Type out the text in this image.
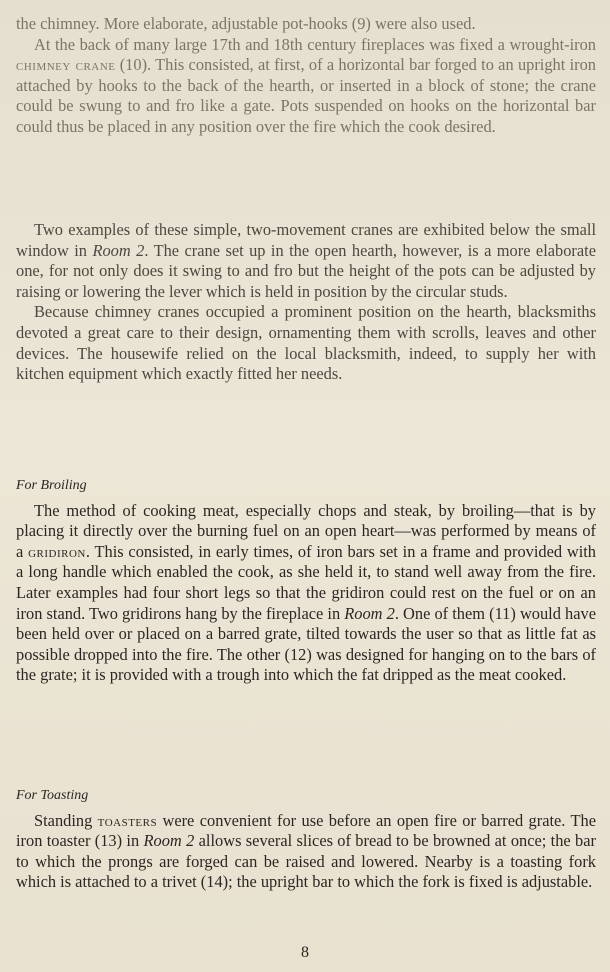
the chimney. More elaborate, adjustable pot-hooks (9) were also used.

At the back of many large 17th and 18th century fireplaces was fixed a wrought-iron chimney crane (10). This consisted, at first, of a horizontal bar forged to an upright iron attached by hooks to the back of the hearth, or inserted in a block of stone; the crane could be swung to and fro like a gate. Pots suspended on hooks on the horizontal bar could thus be placed in any position over the fire which the cook desired.

Two examples of these simple, two-movement cranes are exhibited below the small window in Room 2. The crane set up in the open hearth, however, is a more elaborate one, for not only does it swing to and fro but the height of the pots can be adjusted by raising or lowering the lever which is held in position by the circular studs.

Because chimney cranes occupied a prominent position on the hearth, blacksmiths devoted a great care to their design, ornamenting them with scrolls, leaves and other devices. The housewife relied on the local blacksmith, indeed, to supply her with kitchen equipment which exactly fitted her needs.

For Broiling

The method of cooking meat, especially chops and steak, by broiling—that is by placing it directly over the burning fuel on an open heart—was performed by means of a gridiron. This consisted, in early times, of iron bars set in a frame and provided with a long handle which enabled the cook, as she held it, to stand well away from the fire. Later examples had four short legs so that the gridiron could rest on the fuel or on an iron stand. Two gridirons hang by the fireplace in Room 2. One of them (11) would have been held over or placed on a barred grate, tilted towards the user so that as little fat as possible dropped into the fire. The other (12) was designed for hanging on to the bars of the grate; it is provided with a trough into which the fat dripped as the meat cooked.

For Toasting

Standing toasters were convenient for use before an open fire or barred grate. The iron toaster (13) in Room 2 allows several slices of bread to be browned at once; the bar to which the prongs are forged can be raised and lowered. Nearby is a toasting fork which is attached to a trivet (14); the upright bar to which the fork is fixed is adjustable.

8
